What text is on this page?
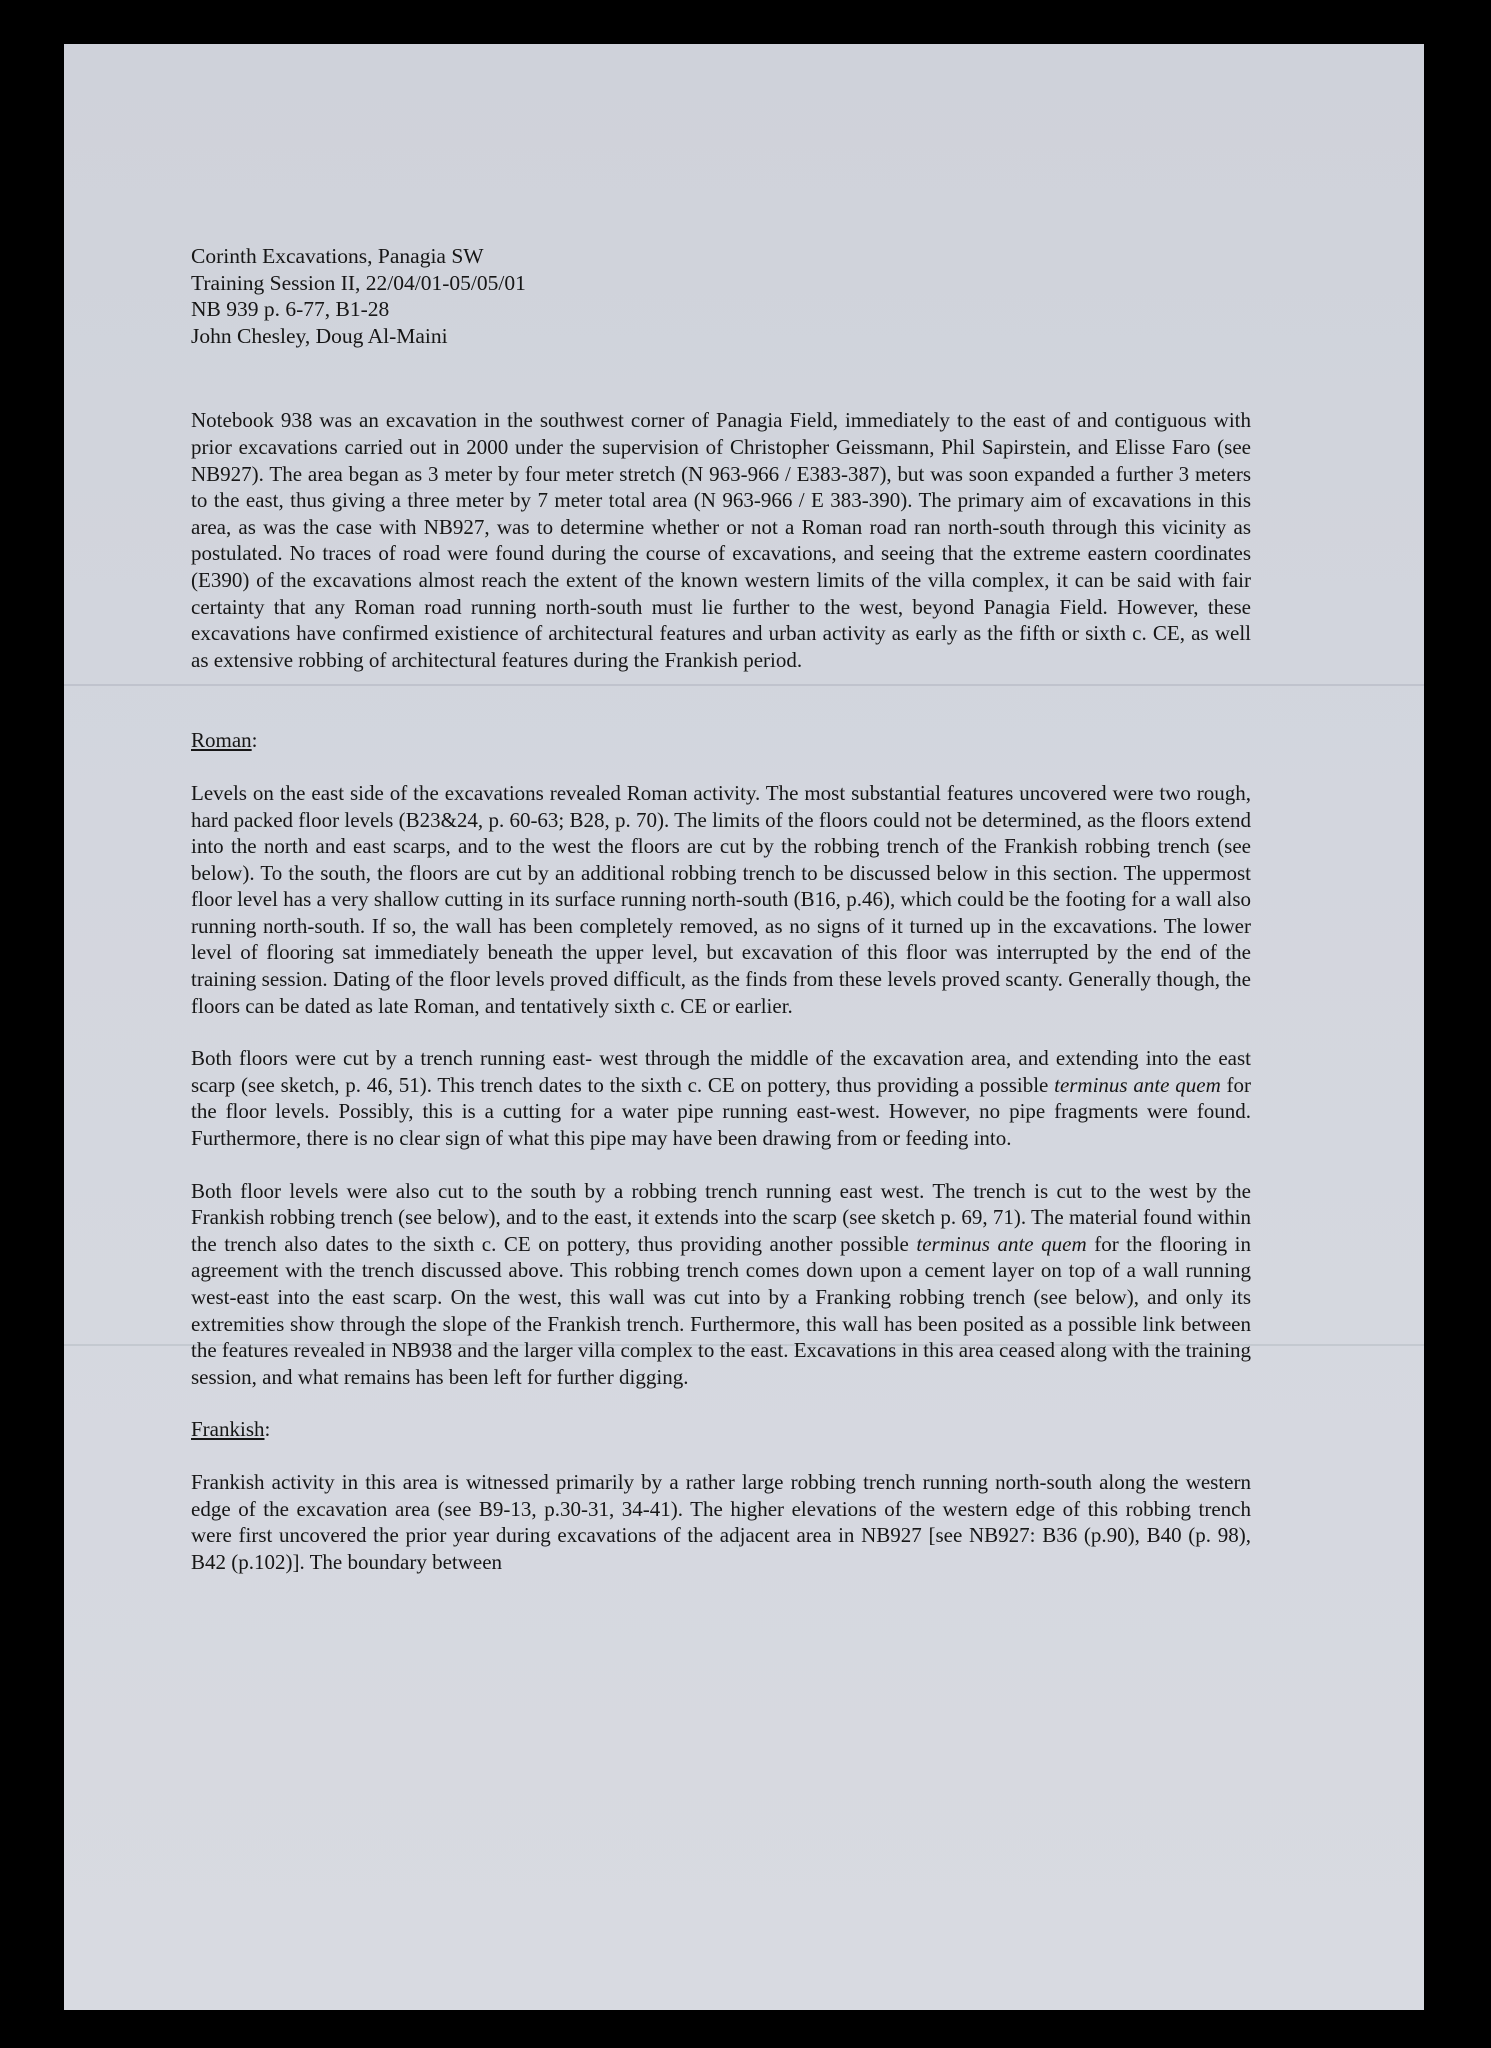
Corinth Excavations, Panagia SW
Training Session II, 22/04/01-05/05/01
NB 939 p. 6-77, B1-28
John Chesley, Doug Al-Maini

Notebook 938 was an excavation in the southwest corner of Panagia Field, immediately to the east of and contiguous with prior excavations carried out in 2000 under the supervision of Christopher Geissmann, Phil Sapirstein, and Elisse Faro (see NB927). The area began as 3 meter by four meter stretch (N 963-966 / E383-387), but was soon expanded a further 3 meters to the east, thus giving a three meter by 7 meter total area (N 963-966 / E 383-390). The primary aim of excavations in this area, as was the case with NB927, was to determine whether or not a Roman road ran north-south through this vicinity as postulated. No traces of road were found during the course of excavations, and seeing that the extreme eastern coordinates (E390) of the excavations almost reach the extent of the known western limits of the villa complex, it can be said with fair certainty that any Roman road running north-south must lie further to the west, beyond Panagia Field. However, these excavations have confirmed existience of architectural features and urban activity as early as the fifth or sixth c. CE, as well as extensive robbing of architectural features during the Frankish period.

Roman:

Levels on the east side of the excavations revealed Roman activity. The most substantial features uncovered were two rough, hard packed floor levels (B23&24, p. 60-63; B28, p. 70). The limits of the floors could not be determined, as the floors extend into the north and east scarps, and to the west the floors are cut by the robbing trench of the Frankish robbing trench (see below). To the south, the floors are cut by an additional robbing trench to be discussed below in this section. The uppermost floor level has a very shallow cutting in its surface running north-south (B16, p.46), which could be the footing for a wall also running north-south. If so, the wall has been completely removed, as no signs of it turned up in the excavations. The lower level of flooring sat immediately beneath the upper level, but excavation of this floor was interrupted by the end of the training session. Dating of the floor levels proved difficult, as the finds from these levels proved scanty. Generally though, the floors can be dated as late Roman, and tentatively sixth c. CE or earlier.

Both floors were cut by a trench running east- west through the middle of the excavation area, and extending into the east scarp (see sketch, p. 46, 51). This trench dates to the sixth c. CE on pottery, thus providing a possible terminus ante quem for the floor levels. Possibly, this is a cutting for a water pipe running east-west. However, no pipe fragments were found. Furthermore, there is no clear sign of what this pipe may have been drawing from or feeding into.

Both floor levels were also cut to the south by a robbing trench running east west. The trench is cut to the west by the Frankish robbing trench (see below), and to the east, it extends into the scarp (see sketch p. 69, 71). The material found within the trench also dates to the sixth c. CE on pottery, thus providing another possible terminus ante quem for the flooring in agreement with the trench discussed above. This robbing trench comes down upon a cement layer on top of a wall running west-east into the east scarp. On the west, this wall was cut into by a Franking robbing trench (see below), and only its extremities show through the slope of the Frankish trench. Furthermore, this wall has been posited as a possible link between the features revealed in NB938 and the larger villa complex to the east. Excavations in this area ceased along with the training session, and what remains has been left for further digging.

Frankish:

Frankish activity in this area is witnessed primarily by a rather large robbing trench running north-south along the western edge of the excavation area (see B9-13, p.30-31, 34-41). The higher elevations of the western edge of this robbing trench were first uncovered the prior year during excavations of the adjacent area in NB927 [see NB927: B36 (p.90), B40 (p. 98), B42 (p.102)]. The boundary between
